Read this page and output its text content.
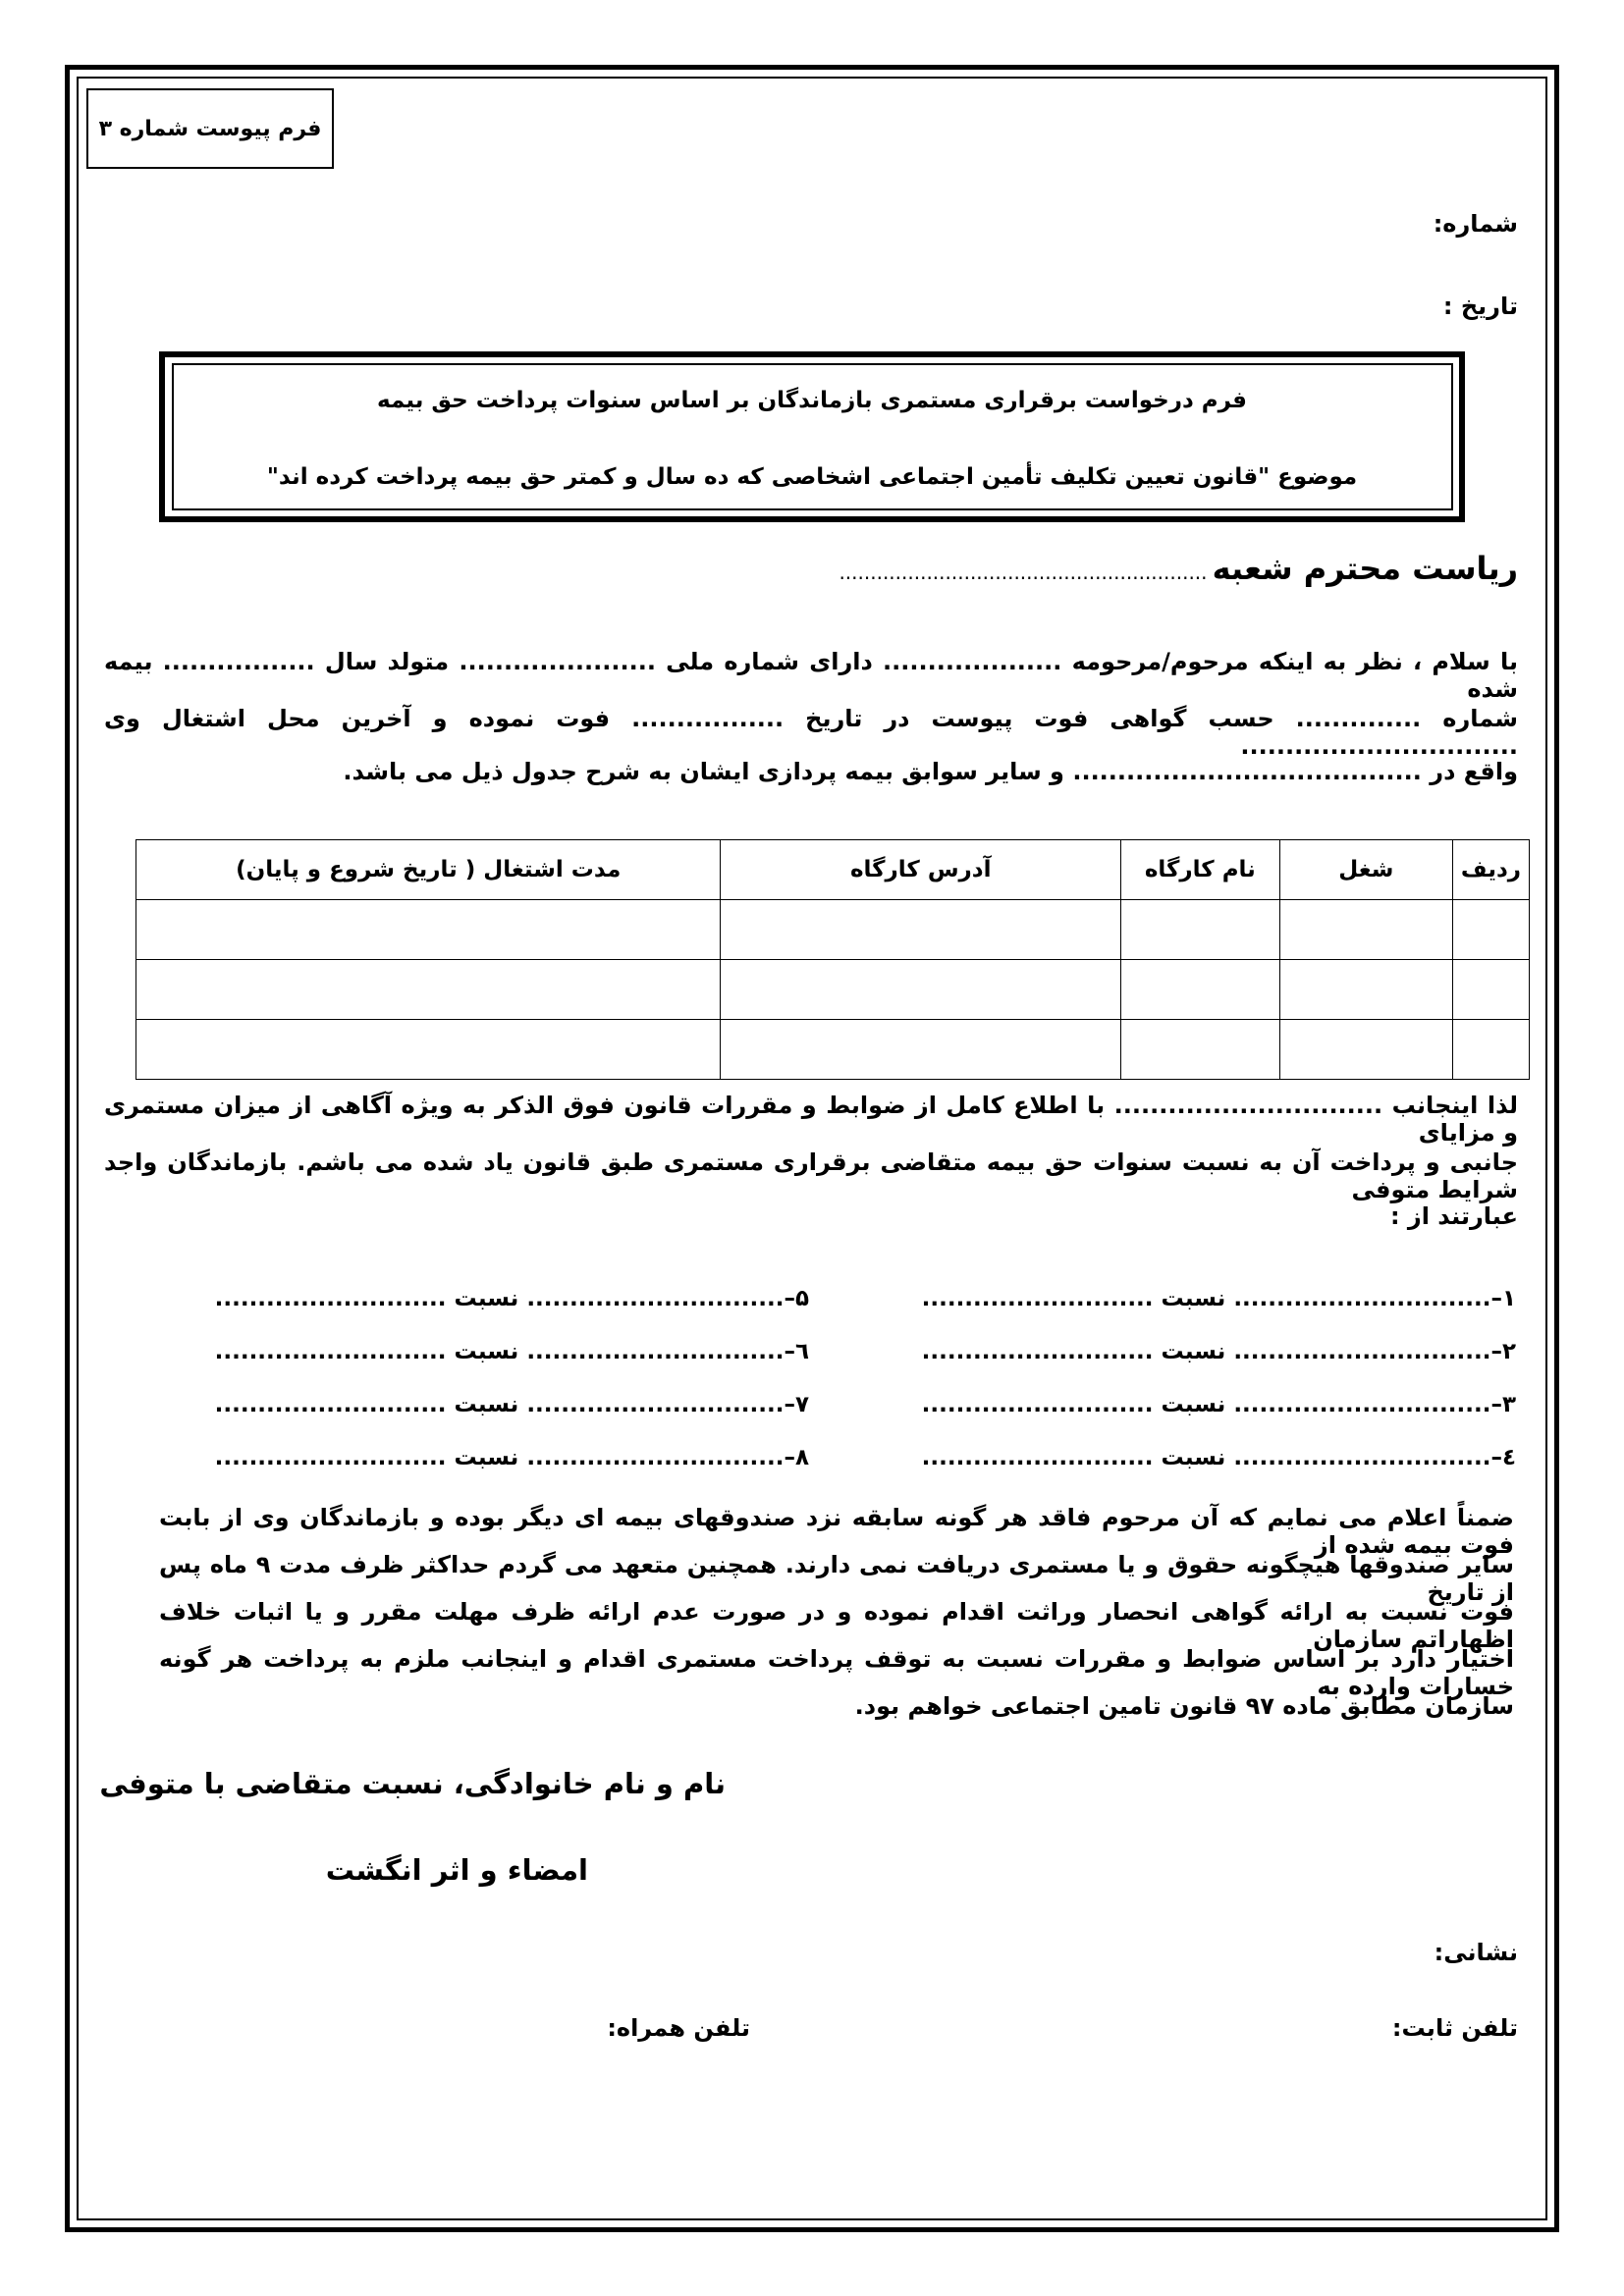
فرم پیوست شماره ۳
شماره:
تاریخ :
فرم درخواست برقراری مستمری بازماندگان بر اساس سنوات پرداخت حق بیمه
موضوع "قانون تعیین تکلیف تأمین اجتماعی اشخاصی که ده سال و کمتر حق بیمه پرداخت کرده اند"
ریاست محترم شعبه ...........................................................
با سلام ، نظر به اینکه مرحوم/مرحومه .................... دارای شماره ملی ...................... متولد سال ................. بیمه شده
شماره .............. حسب گواهی فوت پیوست در تاریخ ................. فوت نموده و آخرین محل اشتغال وی ...............................
واقع در ....................................... و سایر سوابق بیمه پردازی ایشان به شرح جدول ذیل می باشد.
ردیف	شغل	نام کارگاه	آدرس کارگاه	مدت اشتغال ( تاریخ شروع و پایان)

لذا اینجانب .............................. با اطلاع کامل از ضوابط و مقررات قانون فوق الذکر به ویژه آگاهی از میزان مستمری و مزایای
جانبی و پرداخت آن به نسبت سنوات حق بیمه متقاضی برقراری مستمری طبق قانون یاد شده می باشم. بازماندگان واجد شرایط متوفی
عبارتند از :
۱–.............................. نسبت ...........................
۲–.............................. نسبت ...........................
۳–.............................. نسبت ...........................
٤–.............................. نسبت ...........................
۵–.............................. نسبت ...........................
٦–.............................. نسبت ...........................
۷–.............................. نسبت ...........................
۸–.............................. نسبت ...........................
ضمناً اعلام می نمایم که آن مرحوم فاقد هر گونه سابقه نزد صندوقهای بیمه ای دیگر بوده و بازماندگان وی از بابت فوت بیمه شده از
سایر صندوقها هیچگونه حقوق و یا مستمری دریافت نمی دارند. همچنین متعهد می گردم حداکثر ظرف مدت ۹ ماه پس از تاریخ
فوت نسبت به ارائه گواهی انحصار وراثت اقدام نموده و در صورت عدم ارائه ظرف مهلت مقرر و یا اثبات خلاف اظهاراتم سازمان
اختیار دارد بر اساس ضوابط و مقررات نسبت به توقف پرداخت مستمری اقدام و اینجانب ملزم به پرداخت هر گونه خسارات وارده به
سازمان مطابق ماده ۹۷ قانون تامین اجتماعی خواهم بود.
نام و نام خانوادگی، نسبت متقاضی با متوفی
امضاء و اثر انگشت
نشانی:
تلفن ثابت:
تلفن همراه:
